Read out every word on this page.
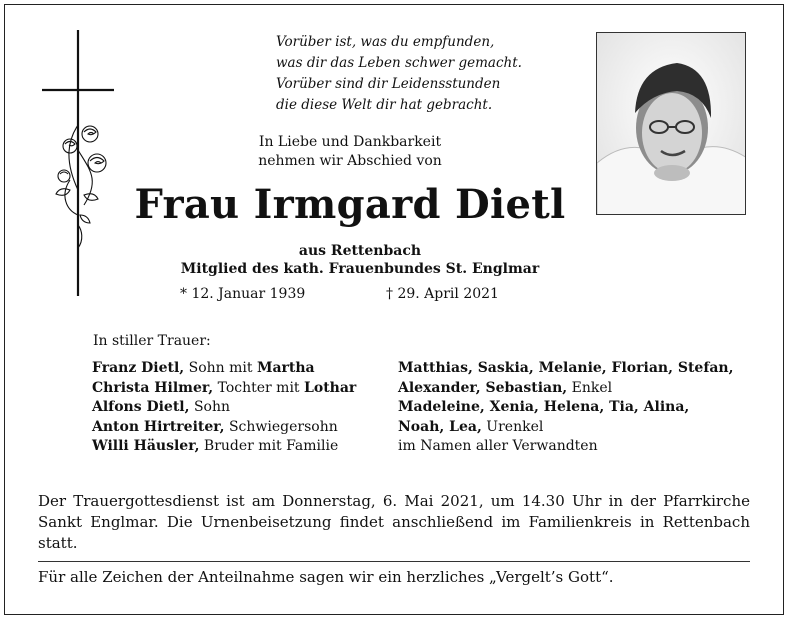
Vorüber ist, was du empfunden,
was dir das Leben schwer gemacht.
Vorüber sind dir Leidensstunden
die diese Welt dir hat gebracht.
In Liebe und Dankbarkeit
nehmen wir Abschied von
Frau Irmgard Dietl
aus Rettenbach
Mitglied des kath. Frauenbundes St. Englmar
* 12. Januar 1939	† 29. April 2021
In stiller Trauer:
Franz Dietl, Sohn mit Martha
Christa Hilmer, Tochter mit Lothar
Alfons Dietl, Sohn
Anton Hirtreiter, Schwiegersohn
Willi Häusler, Bruder mit Familie
Matthias, Saskia, Melanie, Florian, Stefan,
Alexander, Sebastian, Enkel
Madeleine, Xenia, Helena, Tia, Alina,
Noah, Lea, Urenkel
im Namen aller Verwandten
Der Trauergottesdienst ist am Donnerstag, 6. Mai 2021, um 14.30 Uhr in der Pfarrkirche Sankt Englmar. Die Urnenbeisetzung findet anschließend im Familienkreis in Rettenbach statt.
Für alle Zeichen der Anteilnahme sagen wir ein herzliches „Vergelt’s Gott“.
